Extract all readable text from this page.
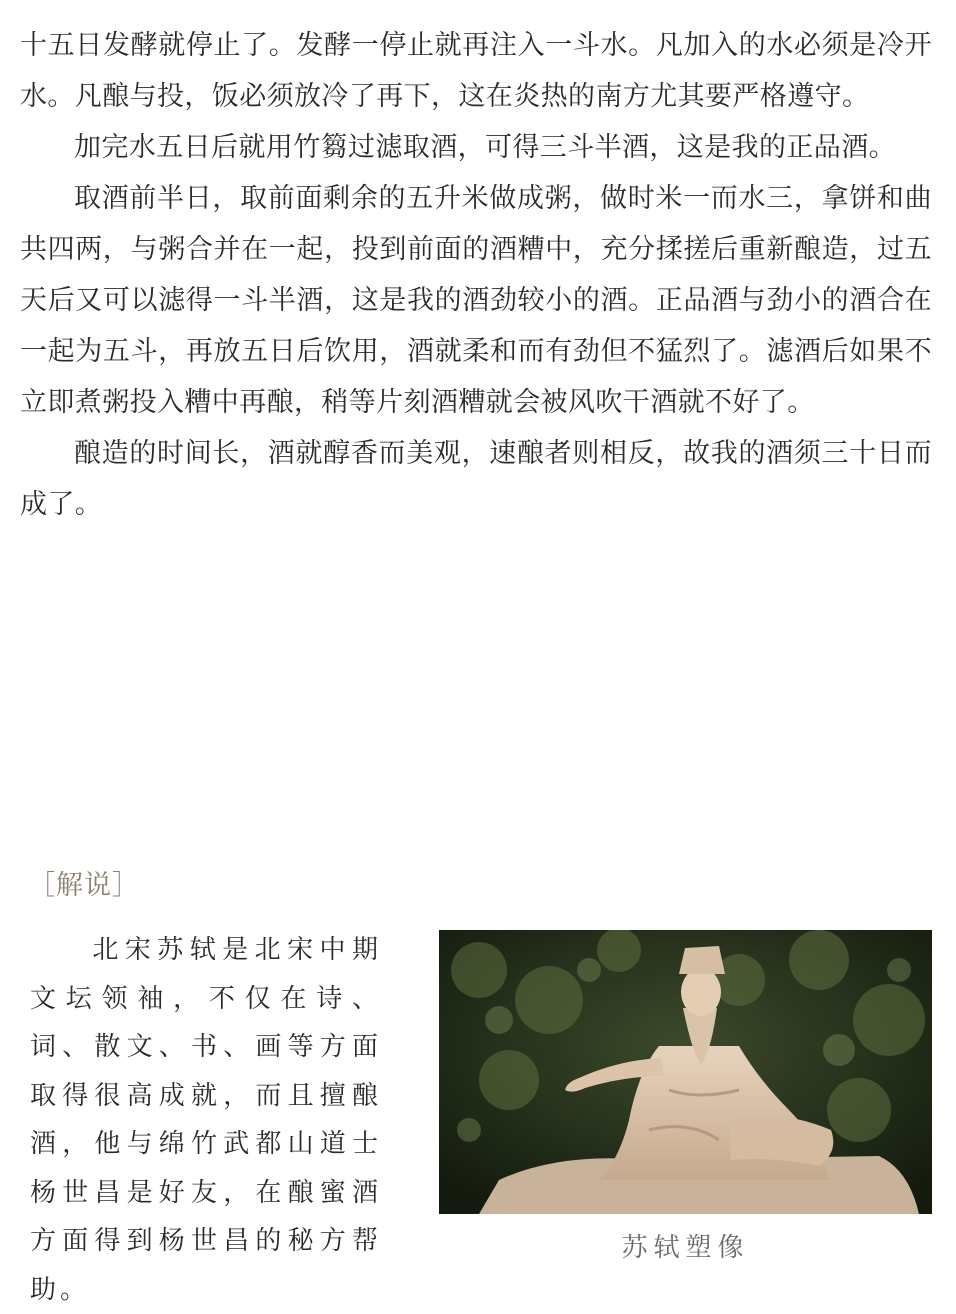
十五日发酵就停止了。发酵一停止就再注入一斗水。凡加入的水必须是冷开水。凡酿与投，饭必须放冷了再下，这在炎热的南方尤其要严格遵守。

加完水五日后就用竹篘过滤取酒，可得三斗半酒，这是我的正品酒。

取酒前半日，取前面剩余的五升米做成粥，做时米一而水三，拿饼和曲共四两，与粥合并在一起，投到前面的酒糟中，充分揉搓后重新酿造，过五天后又可以滤得一斗半酒，这是我的酒劲较小的酒。正品酒与劲小的酒合在一起为五斗，再放五日后饮用，酒就柔和而有劲但不猛烈了。滤酒后如果不立即煮粥投入糟中再酿，稍等片刻酒糟就会被风吹干酒就不好了。

酿造的时间长，酒就醇香而美观，速酿者则相反，故我的酒须三十日而成了。

［解说］

北宋苏轼是北宋中期文坛领袖，不仅在诗、词、散文、书、画等方面取得很高成就，而且擅酿酒，他与绵竹武都山道士杨世昌是好友，在酿蜜酒方面得到杨世昌的秘方帮助。

苏轼塑像
